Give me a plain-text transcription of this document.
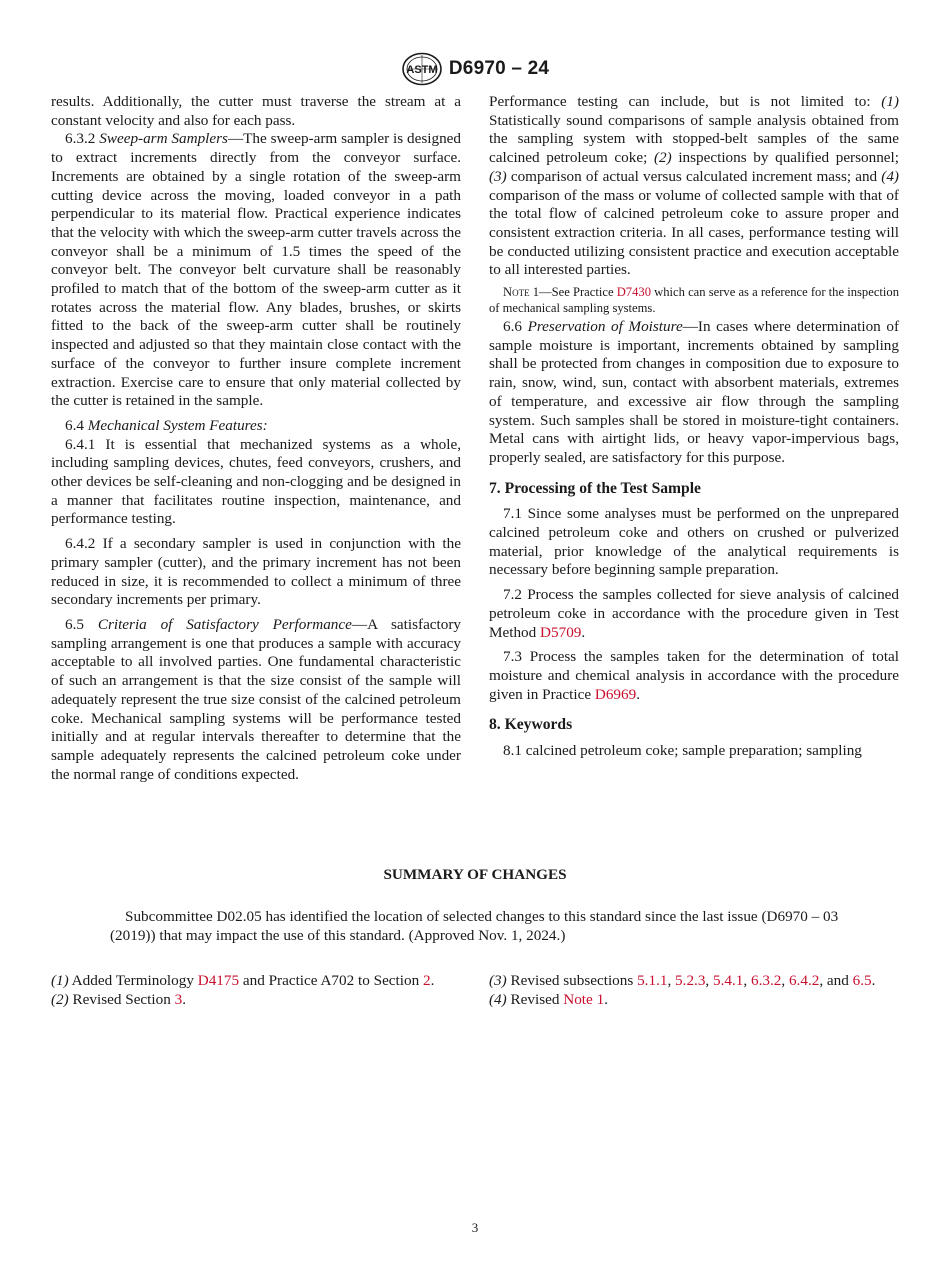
ASTM D6970 – 24

results. Additionally, the cutter must traverse the stream at a constant velocity and also for each pass.

6.3.2 Sweep-arm Samplers—The sweep-arm sampler is designed to extract increments directly from the conveyor surface. Increments are obtained by a single rotation of the sweep-arm cutting device across the moving, loaded conveyor in a path perpendicular to its material flow. Practical experience indicates that the velocity with which the sweep-arm cutter travels across the conveyor shall be a minimum of 1.5 times the speed of the conveyor belt. The conveyor belt curvature shall be reasonably profiled to match that of the bottom of the sweep-arm cutter as it rotates across the material flow. Any blades, brushes, or skirts fitted to the back of the sweep-arm cutter shall be routinely inspected and adjusted so that they maintain close contact with the surface of the conveyor to further insure complete increment extraction. Exercise care to ensure that only material collected by the cutter is retained in the sample.

6.4 Mechanical System Features:

6.4.1 It is essential that mechanized systems as a whole, including sampling devices, chutes, feed conveyors, crushers, and other devices be self-cleaning and non-clogging and be designed in a manner that facilitates routine inspection, maintenance, and performance testing.

6.4.2 If a secondary sampler is used in conjunction with the primary sampler (cutter), and the primary increment has not been reduced in size, it is recommended to collect a minimum of three secondary increments per primary.

6.5 Criteria of Satisfactory Performance—A satisfactory sampling arrangement is one that produces a sample with accuracy acceptable to all involved parties. One fundamental characteristic of such an arrangement is that the size consist of the sample will adequately represent the true size consist of the calcined petroleum coke. Mechanical sampling systems will be performance tested initially and at regular intervals thereafter to determine that the sample adequately represents the calcined petroleum coke under the normal range of conditions expected.

Performance testing can include, but is not limited to: (1) Statistically sound comparisons of sample analysis obtained from the sampling system with stopped-belt samples of the same calcined petroleum coke; (2) inspections by qualified personnel; (3) comparison of actual versus calculated increment mass; and (4) comparison of the mass or volume of collected sample with that of the total flow of calcined petroleum coke to assure proper and consistent extraction criteria. In all cases, performance testing will be conducted utilizing consistent practice and execution acceptable to all interested parties.

Note 1—See Practice D7430 which can serve as a reference for the inspection of mechanical sampling systems.

6.6 Preservation of Moisture—In cases where determination of sample moisture is important, increments obtained by sampling shall be protected from changes in composition due to exposure to rain, snow, wind, sun, contact with absorbent materials, extremes of temperature, and excessive air flow through the sampling system. Such samples shall be stored in moisture-tight containers. Metal cans with airtight lids, or heavy vapor-impervious bags, properly sealed, are satisfactory for this purpose.

7. Processing of the Test Sample

7.1 Since some analyses must be performed on the unprepared calcined petroleum coke and others on crushed or pulverized material, prior knowledge of the analytical requirements is necessary before beginning sample preparation.

7.2 Process the samples collected for sieve analysis of calcined petroleum coke in accordance with the procedure given in Test Method D5709.

7.3 Process the samples taken for the determination of total moisture and chemical analysis in accordance with the procedure given in Practice D6969.

8. Keywords

8.1 calcined petroleum coke; sample preparation; sampling

SUMMARY OF CHANGES
Subcommittee D02.05 has identified the location of selected changes to this standard since the last issue (D6970 – 03 (2019)) that may impact the use of this standard. (Approved Nov. 1, 2024.)
(1) Added Terminology D4175 and Practice A702 to Section 2.
(2) Revised Section 3.
(3) Revised subsections 5.1.1, 5.2.3, 5.4.1, 6.3.2, 6.4.2, and 6.5.
(4) Revised Note 1.
3
